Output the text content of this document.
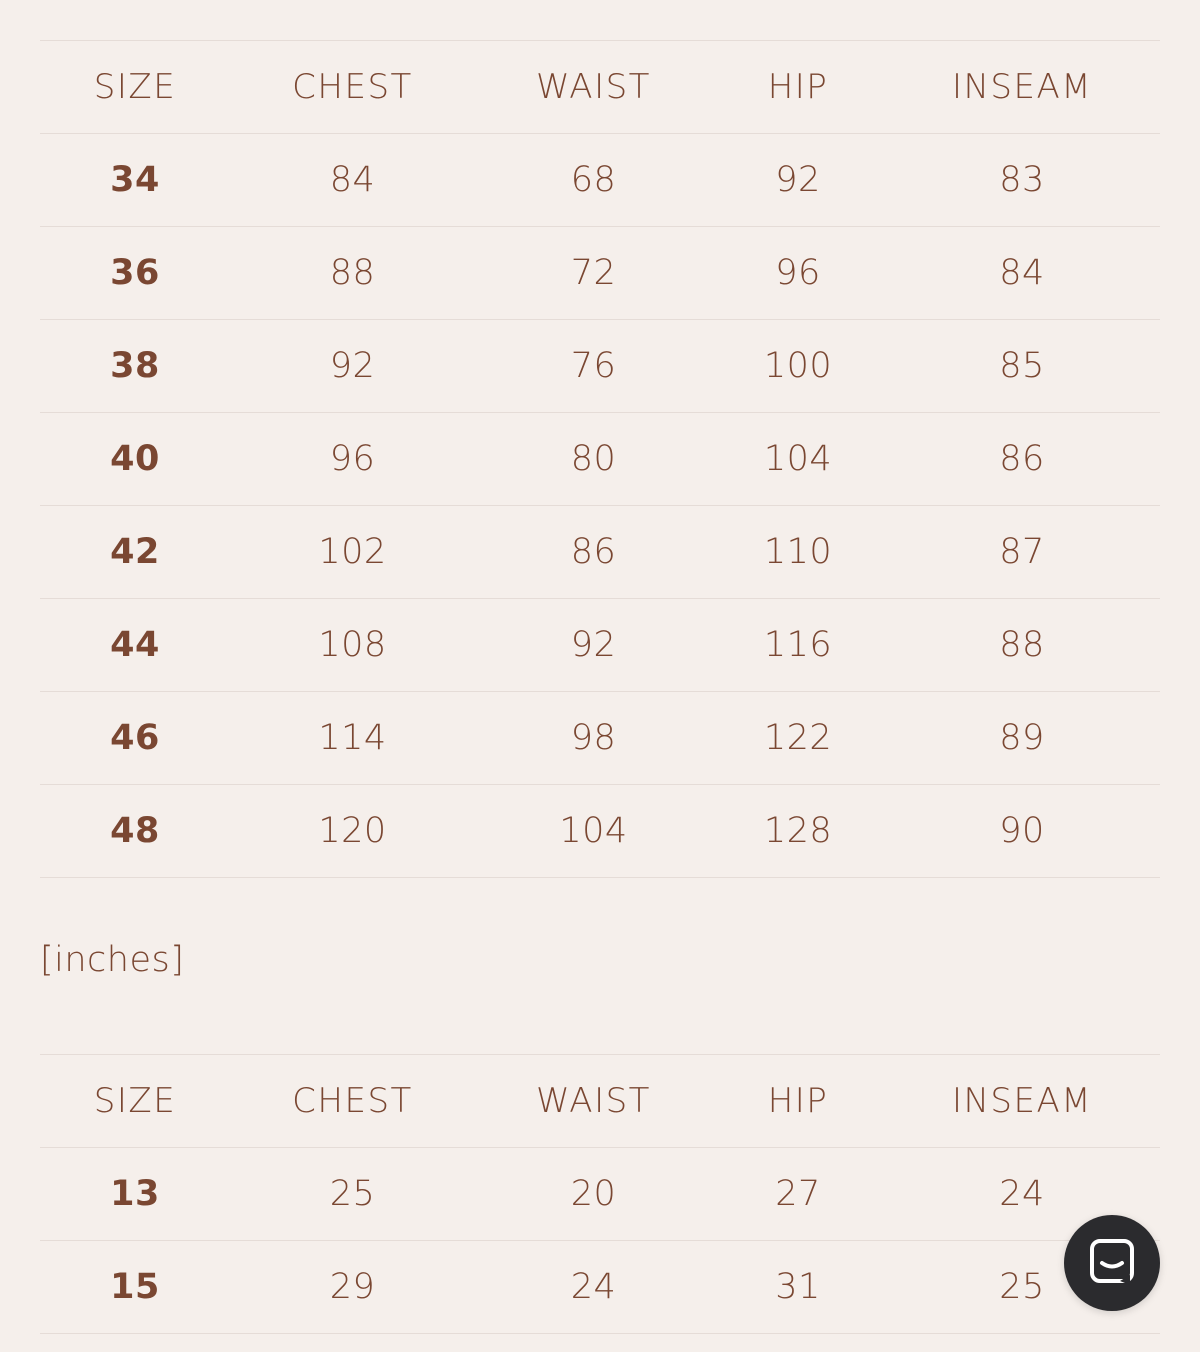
SIZE	CHEST	WAIST	HIP	INSEAM
34	84	68	92	83
36	88	72	96	84
38	92	76	100	85
40	96	80	104	86
42	102	86	110	87
44	108	92	116	88
46	114	98	122	89
48	120	104	128	90

[inches]

SIZE	CHEST	WAIST	HIP	INSEAM
13	25	20	27	24
15	29	24	31	25
